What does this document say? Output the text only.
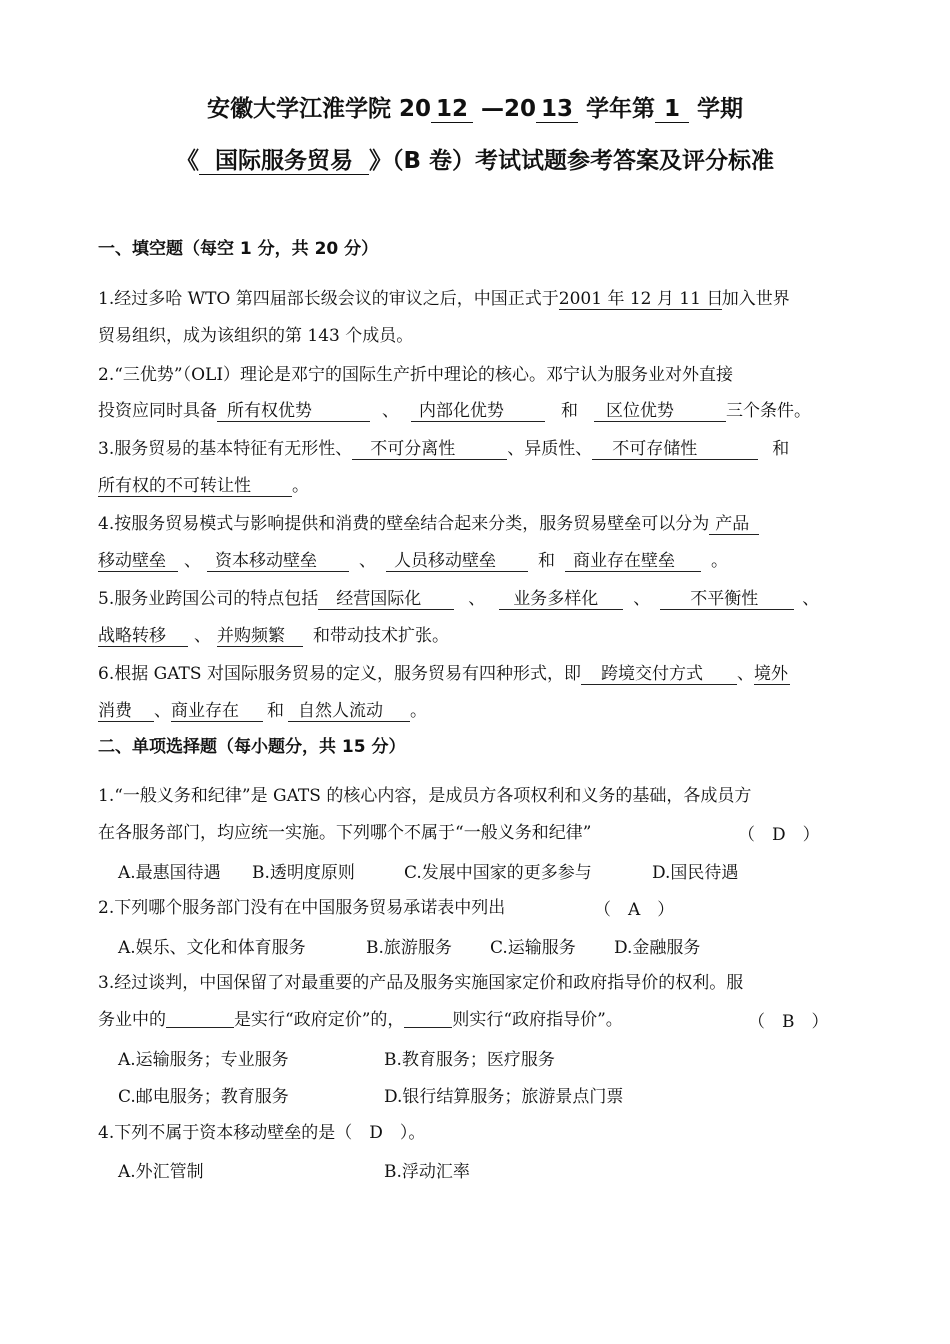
安徽大学江淮学院 20 12 —20 13 学年第 1 学期
《 国际服务贸易 》（B 卷）考试试题参考答案及评分标准
一、填空题（每空 1 分，共 20 分）
1.经过多哈 WTO 第四届部长级会议的审议之后，中国正式于2001 年 12 月 11 日加入世界
贸易组织，成为该组织的第 143 个成员。
2.“三优势”（OLI）理论是邓宁的国际生产折中理论的核心。邓宁认为服务业对外直接
投资应同时具备 所有权优势	、 内部化优势	和 区位优势	三个条件。
3.服务贸易的基本特征有无形性、 不可分离性	、异质性、 不可存储性	和
所有权的不可转让性 。
4.按服务贸易模式与影响提供和消费的壁垒结合起来分类，服务贸易壁垒可以分为 产品
移动壁垒 、 资本移动壁垒 、 人员移动壁垒 和 商业存在壁垒 。
5.服务业跨国公司的特点包括 经营国际化	、 业务多样化 、 不平衡性	、
战略转移 、 并购频繁 和带动技术扩张。
6.根据 GATS 对国际服务贸易的定义，服务贸易有四种形式，即 跨境交付方式 、境外
消费 、商业存在 和 自然人流动 。
二、单项选择题（每小题分，共 15 分）
1.“一般义务和纪律”是 GATS 的核心内容，是成员方各项权利和义务的基础，各成员方
在各服务部门，均应统一实施。下列哪个不属于“一般义务和纪律”	（　D　）
A.最惠国待遇 B.透明度原则	C.发展中国家的更多参与	D.国民待遇
2.下列哪个服务部门没有在中国服务贸易承诺表中列出	（　A　）
A.娱乐、文化和体育服务	B.旅游服务 C.运输服务 D.金融服务
3.经过谈判，中国保留了对最重要的产品及服务实施国家定价和政府指导价的权利。服
务业中的	是实行“政府定价”的，	则实行“政府指导价”。	（　B　）
A.运输服务；专业服务	B.教育服务；医疗服务
C.邮电服务；教育服务	D.银行结算服务；旅游景点门票
4.下列不属于资本移动壁垒的是（　D　）。
A.外汇管制	B.浮动汇率
